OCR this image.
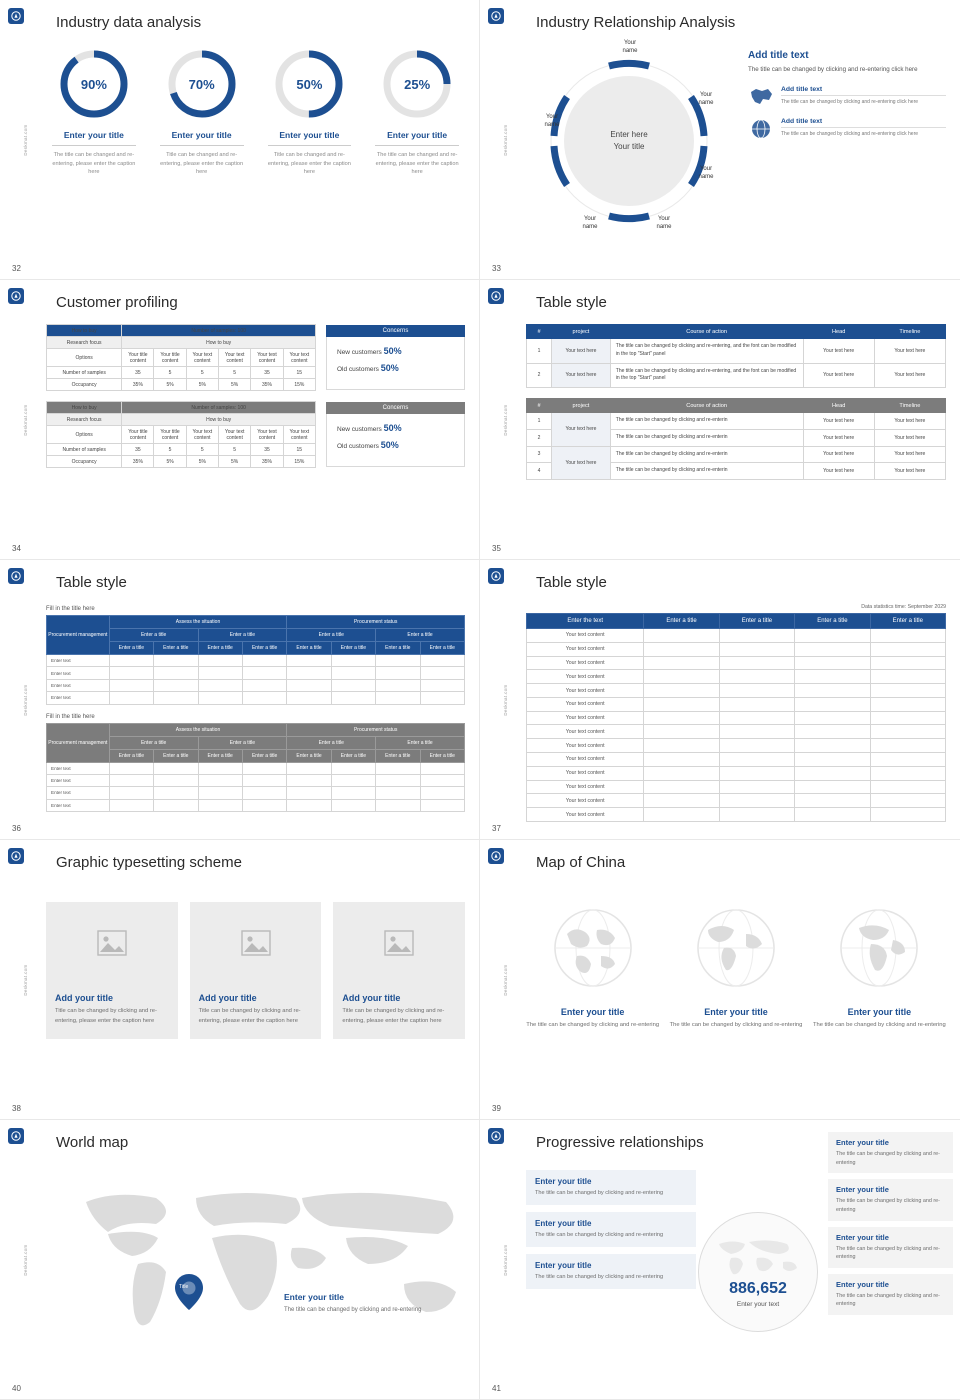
Deskmat.com
Industry data analysis
90%
Enter your title
The title can be changed and re-entering, please enter the caption here
70%
Enter your title
Title can be changed and re-entering, please enter the caption here
50%
Enter your title
Title can be changed and re-entering, please enter the caption here
25%
Enter your title
The title can be changed and re-entering, please enter the caption here
32
Deskmat.com
Industry Relationship Analysis
Enter here
Your title
Your
name
Your
name
Your
name
Your
name
Your
name
Your
name
Add title text
The title can be changed by clicking and re-entering click here
Add title text
The title can be changed by clicking and re-entering click here
Add title text
The title can be changed by clicking and re-entering click here
33
Deskmat.com
Customer profiling
How to buy	Number of samples: 100					
Research focus	How to buy					
Options	Your title content	Your title content	Your text content	Your text content	Your text content	Your text content
Number of samples	35	5	5	5	35	15
Occupancy	35%	5%	5%	5%	35%	15%
Concerns
New customers 50%
Old customers 50%
How to buy	Number of samples: 100					
Research focus	How to buy					
Options	Your title content	Your title content	Your text content	Your text content	Your text content	Your text content
Number of samples	35	5	5	5	35	15
Occupancy	35%	5%	5%	5%	35%	15%
Concerns
New customers 50%
Old customers 50%
34
Deskmat.com
Table style
#	project	Course of action	Head	Timeline
1	Your text here	The title can be changed by clicking and re-entering, and the font can be modified in the top "Start" panel	Your text here	Your text here
2	Your text here	The title can be changed by clicking and re-entering, and the font can be modified in the top "Start" panel	Your text here	Your text here
#	project	Course of action	Head	Timeline
1	Your text here	The title can be changed by clicking and re-enterin	Your text here	Your text here
2		The title can be changed by clicking and re-enterin	Your text here	Your text here
3	Your text here	The title can be changed by clicking and re-enterin	Your text here	Your text here
4		The title can be changed by clicking and re-enterin	Your text here	Your text here
35
Deskmat.com
Table style
Fill in the title here
Procurement management	Assess the situation				Procurement status			
	Enter a title		Enter a title		Enter a title		Enter a title	
	Enter a title	Enter a title	Enter a title	Enter a title	Enter a title	Enter a title	Enter a title	Enter a title
Enter text								
Enter text								
Enter text								
Enter text								
Fill in the title here
Procurement management	Assess the situation				Procurement status			
	Enter a title		Enter a title		Enter a title		Enter a title	
	Enter a title	Enter a title	Enter a title	Enter a title	Enter a title	Enter a title	Enter a title	Enter a title
Enter text								
Enter text								
Enter text								
Enter text								
36
Deskmat.com
Table style
Data statistics time: September 2029
Enter the text	Enter a title	Enter a title	Enter a title	Enter a title
Your text content				
Your text content				
Your text content				
Your text content				
Your text content				
Your text content				
Your text content				
Your text content				
Your text content				
Your text content				
Your text content				
Your text content				
Your text content				
Your text content				
37
Deskmat.com
Graphic typesetting scheme
Add your title

Title can be changed by clicking and re-entering, please enter the caption here

Add your title

Title can be changed by clicking and re-entering, please enter the caption here

Add your title

Title can be changed by clicking and re-entering, please enter the caption here

38
Deskmat.com
Map of China
Enter your title

The title can be changed by clicking and re-entering

Enter your title

The title can be changed by clicking and re-entering

Enter your title

The title can be changed by clicking and re-entering

39
Deskmat.com
World map
Title
Enter your title

The title can be changed by clicking and re-entering

40
Deskmat.com
Progressive relationships
Enter your title

The title can be changed by clicking and re-entering

Enter your title

The title can be changed by clicking and re-entering

Enter your title

The title can be changed by clicking and re-entering

886,652
Enter your text
Enter your title

The title can be changed by clicking and re-entering

Enter your title

The title can be changed by clicking and re-entering

Enter your title

The title can be changed by clicking and re-entering

Enter your title

The title can be changed by clicking and re-entering

41
